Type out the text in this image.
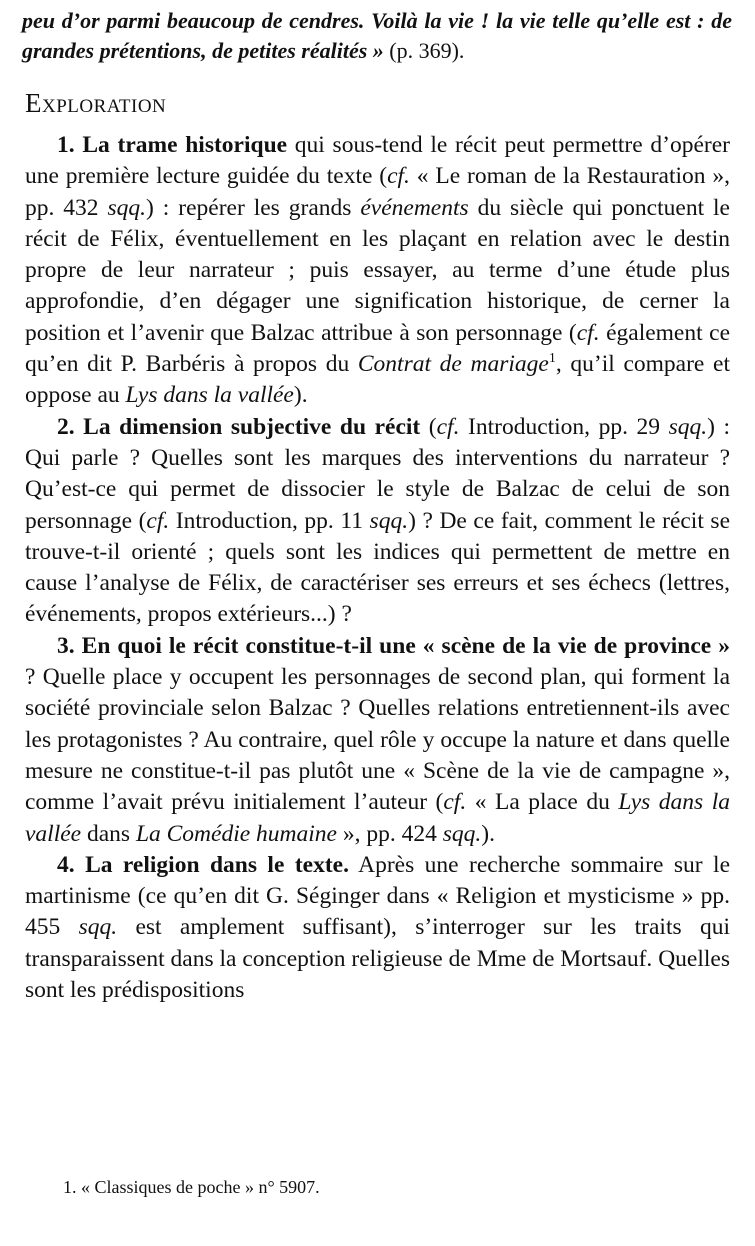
peu d’or parmi beaucoup de cendres. Voilà la vie ! la vie telle qu’elle est : de grandes prétentions, de petites réalités » (p. 369).
Exploration

1. La trame historique qui sous-tend le récit peut permettre d’opérer une première lecture guidée du texte (cf. « Le roman de la Restauration », pp. 432 sqq.) : repérer les grands événements du siècle qui ponctuent le récit de Félix, éventuellement en les plaçant en relation avec le destin propre de leur narrateur ; puis essayer, au terme d’une étude plus approfondie, d’en dégager une signification historique, de cerner la position et l’avenir que Balzac attribue à son personnage (cf. également ce qu’en dit P. Barbéris à propos du Contrat de mariage$^1$, qu’il compare et oppose au Lys dans la vallée).

2. La dimension subjective du récit (cf. Introduction, pp. 29 sqq.) : Qui parle ? Quelles sont les marques des interventions du narrateur ? Qu’est-ce qui permet de dissocier le style de Balzac de celui de son personnage (cf. Introduction, pp. 11 sqq.) ? De ce fait, comment le récit se trouve-t-il orienté ; quels sont les indices qui permettent de mettre en cause l’analyse de Félix, de caractériser ses erreurs et ses échecs (lettres, événements, propos extérieurs...) ?

3. En quoi le récit constitue-t-il une « scène de la vie de province » ? Quelle place y occupent les personnages de second plan, qui forment la société provinciale selon Balzac ? Quelles relations entretiennent-ils avec les protagonistes ? Au contraire, quel rôle y occupe la nature et dans quelle mesure ne constitue-t-il pas plutôt une « Scène de la vie de campagne », comme l’avait prévu initialement l’auteur (cf. « La place du Lys dans la vallée dans La Comédie humaine », pp. 424 sqq.).

4. La religion dans le texte. Après une recherche sommaire sur le martinisme (ce qu’en dit G. Séginger dans « Religion et mysticisme » pp. 455 sqq. est amplement suffisant), s’interroger sur les traits qui transparaissent dans la conception religieuse de Mme de Mortsauf. Quelles sont les prédispositions

1. « Classiques de poche » n° 5907.
